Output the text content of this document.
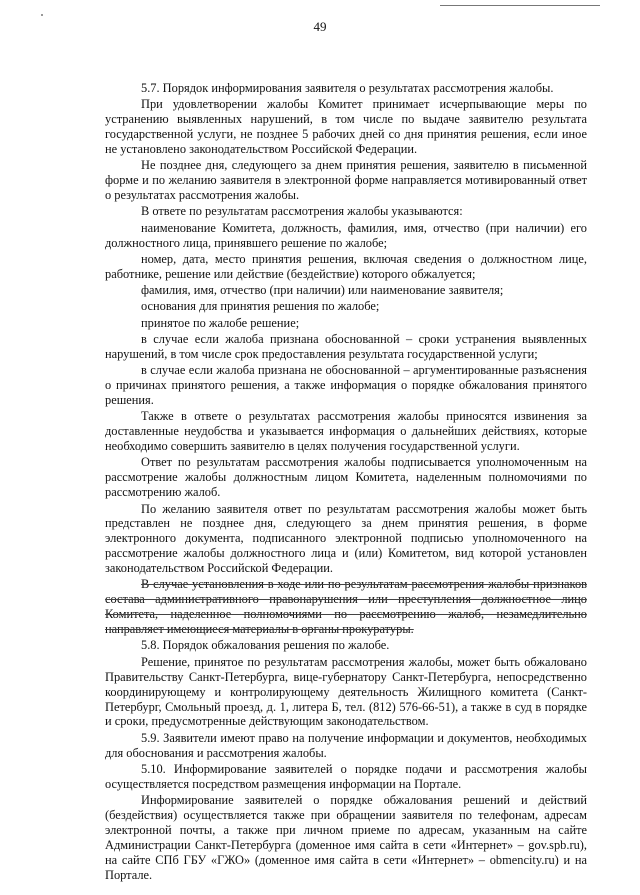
49

5.7. Порядок информирования заявителя о результатах рассмотрения жалобы.

При удовлетворении жалобы Комитет принимает исчерпывающие меры по устранению выявленных нарушений, в том числе по выдаче заявителю результата государственной услуги, не позднее 5 рабочих дней со дня принятия решения, если иное не установлено законодательством Российской Федерации.

Не позднее дня, следующего за днем принятия решения, заявителю в письменной форме и по желанию заявителя в электронной форме направляется мотивированный ответ о результатах рассмотрения жалобы.

В ответе по результатам рассмотрения жалобы указываются:

наименование Комитета, должность, фамилия, имя, отчество (при наличии) его должностного лица, принявшего решение по жалобе;

номер, дата, место принятия решения, включая сведения о должностном лице, работнике, решение или действие (бездействие) которого обжалуется;

фамилия, имя, отчество (при наличии) или наименование заявителя;

основания для принятия решения по жалобе;

принятое по жалобе решение;

в случае если жалоба признана обоснованной – сроки устранения выявленных нарушений, в том числе срок предоставления результата государственной услуги;

в случае если жалоба признана не обоснованной – аргументированные разъяснения о причинах принятого решения, а также информация о порядке обжалования принятого решения.

Также в ответе о результатах рассмотрения жалобы приносятся извинения за доставленные неудобства и указывается информация о дальнейших действиях, которые необходимо совершить заявителю в целях получения государственной услуги.

Ответ по результатам рассмотрения жалобы подписывается уполномоченным на рассмотрение жалобы должностным лицом Комитета, наделенным полномочиями по рассмотрению жалоб.

По желанию заявителя ответ по результатам рассмотрения жалобы может быть представлен не позднее дня, следующего за днем принятия решения, в форме электронного документа, подписанного электронной подписью уполномоченного на рассмотрение жалобы должностного лица и (или) Комитетом, вид которой установлен законодательством Российской Федерации.

В случае установления в ходе или по результатам рассмотрения жалобы признаков состава административного правонарушения или преступления должностное лицо Комитета, наделенное полномочиями по рассмотрению жалоб, незамедлительно направляет имеющиеся материалы в органы прокуратуры.

5.8. Порядок обжалования решения по жалобе.

Решение, принятое по результатам рассмотрения жалобы, может быть обжаловано Правительству Санкт-Петербурга, вице-губернатору Санкт-Петербурга, непосредственно координирующему и контролирующему деятельность Жилищного комитета (Санкт-Петербург, Смольный проезд, д. 1, литера Б, тел. (812) 576-66-51), а также в суд в порядке и сроки, предусмотренные действующим законодательством.

5.9. Заявители имеют право на получение информации и документов, необходимых для обоснования и рассмотрения жалобы.

5.10. Информирование заявителей о порядке подачи и рассмотрения жалобы осуществляется посредством размещения информации на Портале.

Информирование заявителей о порядке обжалования решений и действий (бездействия) осуществляется также при обращении заявителя по телефонам, адресам электронной почты, а также при личном приеме по адресам, указанным на сайте Администрации Санкт-Петербурга (доменное имя сайта в сети «Интернет» – gov.spb.ru), на сайте СПб ГБУ «ГЖО» (доменное имя сайта в сети «Интернет» – obmencity.ru) и на Портале.
